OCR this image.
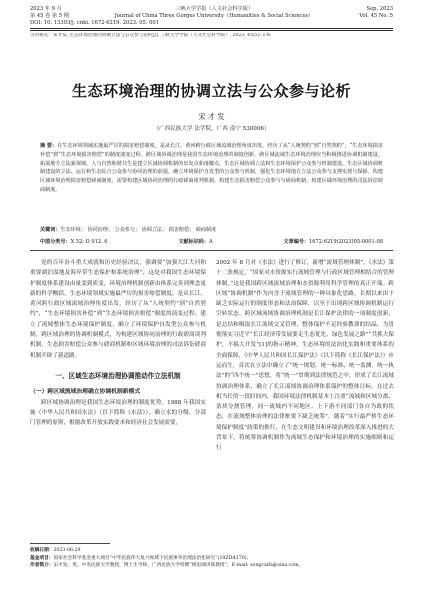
2023 年 9 月	三峡大学学报（人文社会科学版）	Sep. 2023
第 45 卷 第 5 期	Journal of China Three Gorges University（Humanities & Social Sciences）	Vol. 45 No. 5
DOI: 10. 13393/j. cnki. 1672-6219. 2023. 05. 001
引用格式：宋才发. 生态环境治理的协调立法与公众参与论析[J]. 三峡大学学报（人文社会科学版）, 2023, 45(5): 1-8.
生态环境治理的协调立法与公众参与论析
宋 才 发
（广西民族大学 法学院，广西 南宁 530006）
摘 要：在生态环境领域实施最严厉的损害赔偿制度，是从长江、黄河跨行政区域流域治理角度出发，经历了从“人统契约”到“自然契约”，“生态环境损害补偿”到“生态环境损害赔偿”的制度演变过程。跨区域协调治理是我国生态环境治理的制度创新，跨区域流域生态环境治理应当积极推进协调机制建设，拓展地方立法新视域，人与自然和谐共生是建立区域协调机制的出发点和落脚点，生态区域协调立法和生态环境保护公众参与机制建设。生态区域协调机制建设的立法、运行和生态综合公众参与协同治理的前提，确立环境保护自发型的公众参与机制，强化生态环境地方立法公众参与支撑实现与保障。构建区域环境治理损害赔偿磋商制度，需要构建区域协同治理的行政磋商谈判机制，构建生态损害赔偿公众参与与磋商机制，构建区域环境治理的司法诉讼磋商制度。
关键词：生态环境； 协同治理； 公众参与； 协调立法； 损害赔偿； 磋商制度
中图分类号：X 52; D 912. 6	文献标识码：A	文章编号：1672-6219(2023)05-0001-08

党的百年奋斗重大成就和历史经验决议，强调要“加强大江大河和重要湖泊湿地及海岸带生态保护和系统治理”，这是对我国生态环境保护制度体系建设由量变到质变，环境治理机制创新由体系完善到理念更新的科学概括。生态环境领域实施最严厉的损害赔偿制度，是从长江、黄河跨行政区域流域治理角度出发，经历了从“人统契约”到“自然契约”，“生态环境损害补偿”到“生态环境损害赔偿”制度的演变过程；建立了流域整体生态环境保护制度，确立了环境保护自发型公众参与机制，跨区域治理的协调机制模式，为构建区域协同治理的行政磋商谈判机制，生态损害赔偿公众参与磋商机制和区域环境治理的司法诉讼磋商机制开辟了新道路。

一、区域生态环境治理协调推动作立法机制
（一）跨区域流域治理确立协调机制新模式

跨区域协调治理是我国生态环境治理的制度优势。1988 年我国实施《中华人民共和国水法》（以下简称《水法》），确立水的分级、分部门管理的原则，根据改革开放实践要求和经济社会发展需要，

2002 年 8 月对《水法》进行了修订，新增“流域管理体制”。《水法》第十二条规定，“国家对水资源实行流域管理与行政区域管理相结合的管理体制。”这是我国跨区域流域治理和水资源利用科学管理的真正开端。跨区域“协调机制”作为内含于流域管理的一种具象化思路，长期以来由于缺乏实际运行的制度形态和法治保障，以至于出现跨区域协调机制运行空转状态。跨区域流域协调治理机制是长江保护法律的一项制度创新，是总结和吸取长江流域交叉管理、整体保护不足经验教训的结晶。为贯彻落实习近平“长江经济带发展要走生态优先、绿色发展之路”“共抓大保护，不搞大开发”[1]的指示精神，生态环境的法治化实践和重要体系的全面保障，《中华人民共和国长江保护法》（以下简称《长江保护法》）应运而生，首次在立法中确立了“统一规划、统一标准、统一监测、统一执法”的“四个统一”思想，将“统一”贯彻到法律规范之中，形成了长江流域协调治理体系，确立了长江流域协调治理体系保护的整体目标。在过去相当长的一段时间内，我国环境法律机制基本上注重“流域和区域分离、条块分割管理，同一流域内不同地区、上下游不同部门各自为政的状态，在流域整体治理的法律框架下缺乏统筹”。随着“实行最严格生态环境保护制度”政策的推行，在生态文明建设和环境治理改革深入推进的大背景下，将统筹协调机制作为流域生态保护和环境治理的实施细则和运行

收稿日期：2023-06-29
基金项目：国家社会科学基金重大项目“中华民族伟大复兴视域下民族事务治理法治化研究”(19ZDA170)。
作者简介：宋才发，男，中央民族大学教授，博士生导师，广西民族大学特聘“相思湖讲席教授”，E-mail: songcaifa@sina.com。
